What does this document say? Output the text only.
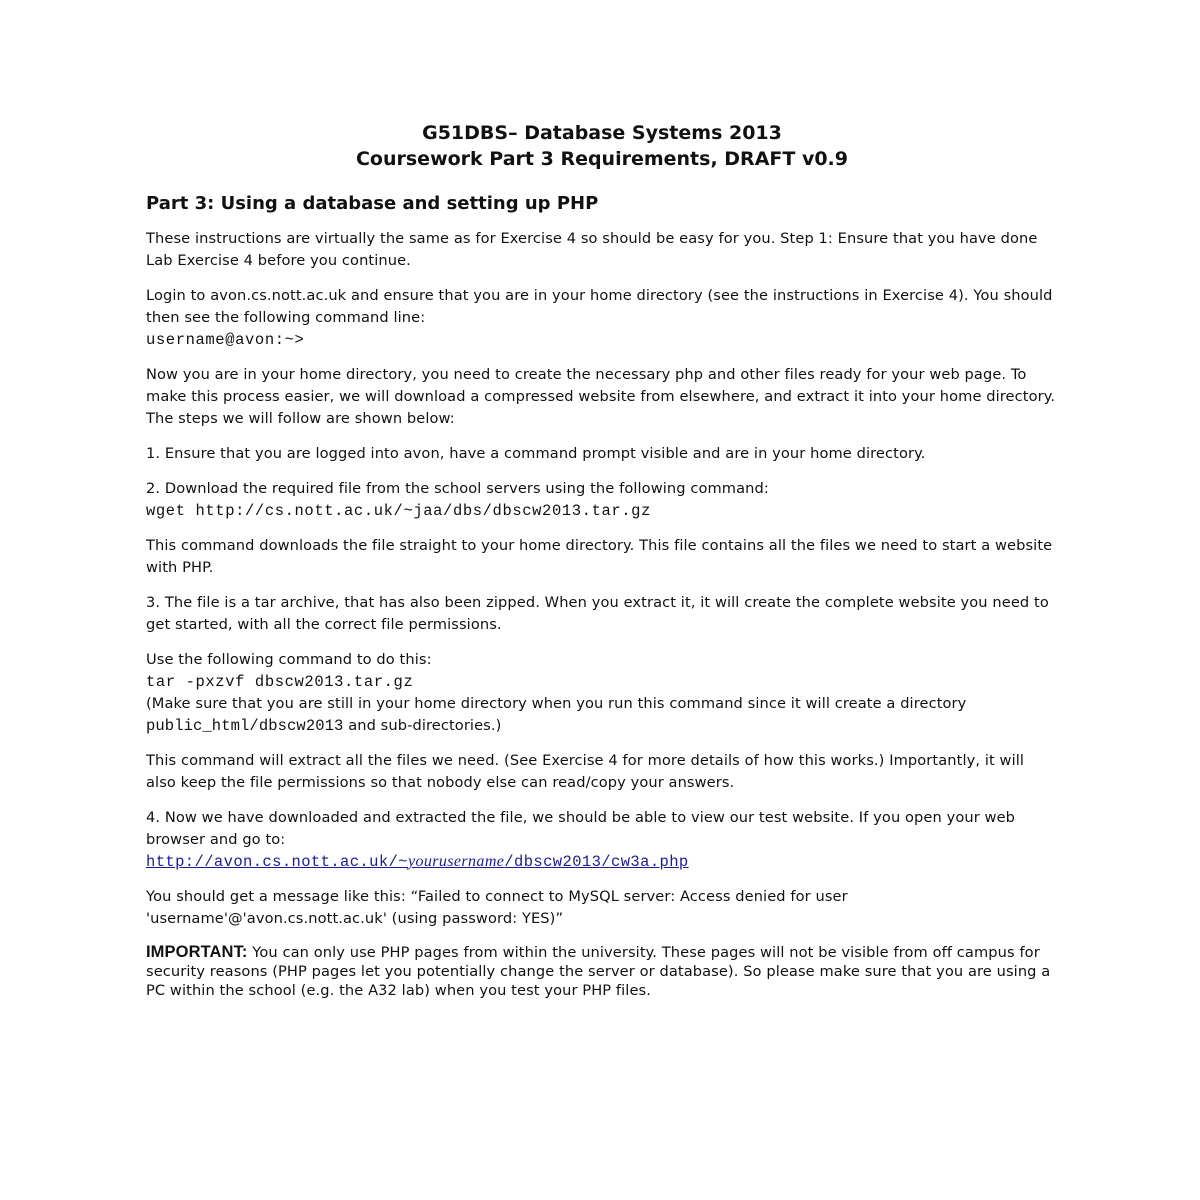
G51DBS– Database Systems 2013
Coursework Part 3 Requirements, DRAFT v0.9
Part 3: Using a database and setting up PHP

These instructions are virtually the same as for Exercise 4 so should be easy for you. Step 1: Ensure that you have done Lab Exercise 4 before you continue.

Login to avon.cs.nott.ac.uk and ensure that you are in your home directory (see the instructions in Exercise 4). You should then see the following command line:
username@avon:~>

Now you are in your home directory, you need to create the necessary php and other files ready for your web page. To make this process easier, we will download a compressed website from elsewhere, and extract it into your home directory. The steps we will follow are shown below:

1. Ensure that you are logged into avon, have a command prompt visible and are in your home directory.

2. Download the required file from the school servers using the following command:
wget http://cs.nott.ac.uk/~jaa/dbs/dbscw2013.tar.gz

This command downloads the file straight to your home directory. This file contains all the files we need to start a website with PHP.

3. The file is a tar archive, that has also been zipped. When you extract it, it will create the complete website you need to get started, with all the correct file permissions.

Use the following command to do this:
tar -pxzvf dbscw2013.tar.gz
(Make sure that you are still in your home directory when you run this command since it will create a directory public_html/dbscw2013 and sub-directories.)

This command will extract all the files we need. (See Exercise 4 for more details of how this works.) Importantly, it will also keep the file permissions so that nobody else can read/copy your answers.

4. Now we have downloaded and extracted the file, we should be able to view our test website. If you open your web browser and go to:
http://avon.cs.nott.ac.uk/~yourusername/dbscw2013/cw3a.php

You should get a message like this: “Failed to connect to MySQL server: Access denied for user 'username'@'avon.cs.nott.ac.uk' (using password: YES)”

IMPORTANT: You can only use PHP pages from within the university. These pages will not be visible from off campus for security reasons (PHP pages let you potentially change the server or database). So please make sure that you are using a PC within the school (e.g. the A32 lab) when you test your PHP files.
